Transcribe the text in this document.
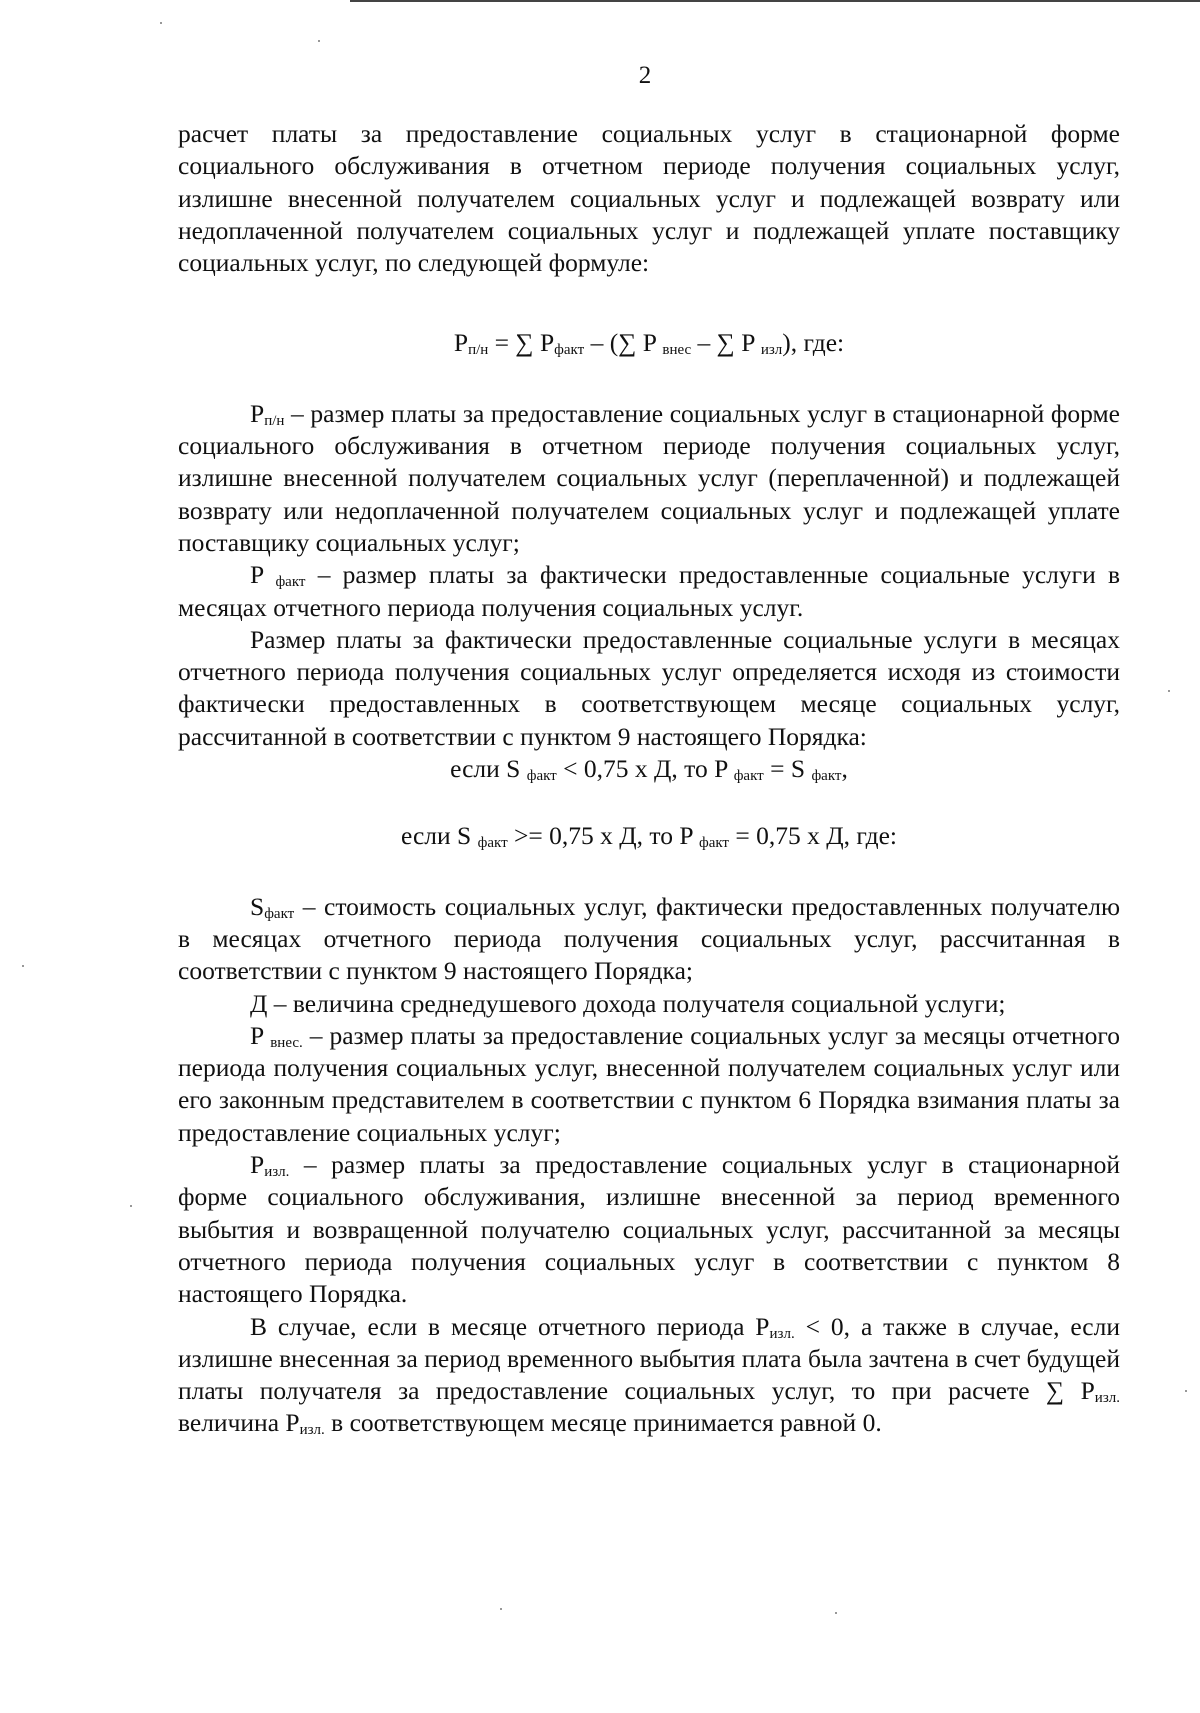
2

расчет платы за предоставление социальных услуг в стационарной форме социального обслуживания в отчетном периоде получения социальных услуг, излишне внесенной получателем социальных услуг и подлежащей возврату или недоплаченной получателем социальных услуг и подлежащей уплате поставщику социальных услуг, по следующей формуле:

$P_{п/н}$ = ∑ $P_{факт}$ – (∑ P $_{внес}$ – ∑ P $_{изл}$), где:

$P_{п/н}$ – размер платы за предоставление социальных услуг в стационарной форме социального обслуживания в отчетном периоде получения социальных услуг, излишне внесенной получателем социальных услуг (переплаченной) и подлежащей возврату или недоплаченной получателем социальных услуг и подлежащей уплате поставщику социальных услуг;

P $_{факт}$ – размер платы за фактически предоставленные социальные услуги в месяцах отчетного периода получения социальных услуг.

Размер платы за фактически предоставленные социальные услуги в месяцах отчетного периода получения социальных услуг определяется исходя из стоимости фактически предоставленных в соответствующем месяце социальных услуг, рассчитанной в соответствии с пунктом 9 настоящего Порядка:

если S $_{факт}$ < 0,75 х Д, то P $_{факт}$ = S $_{факт}$,

если S $_{факт}$ >= 0,75 х Д, то P $_{факт}$ = 0,75 х Д, где:

$S_{факт}$ – стоимость социальных услуг, фактически предоставленных получателю в месяцах отчетного периода получения социальных услуг, рассчитанная в соответствии с пунктом 9 настоящего Порядка;

Д – величина среднедушевого дохода получателя социальной услуги;

P $_{внес.}$ – размер платы за предоставление социальных услуг за месяцы отчетного периода получения социальных услуг, внесенной получателем социальных услуг или его законным представителем в соответствии с пунктом 6 Порядка взимания платы за предоставление социальных услуг;

$P_{изл.}$ – размер платы за предоставление социальных услуг в стационарной форме социального обслуживания, излишне внесенной за период временного выбытия и возвращенной получателю социальных услуг, рассчитанной за месяцы отчетного периода получения социальных услуг в соответствии с пунктом 8 настоящего Порядка.

В случае, если в месяце отчетного периода $P_{изл.} < 0$, а также в случае, если излишне внесенная за период временного выбытия плата была зачтена в счет будущей платы получателя за предоставление социальных услуг, то при расчете ∑ $P_{изл.}$ величина $P_{изл.}$ в соответствующем месяце принимается равной 0.
